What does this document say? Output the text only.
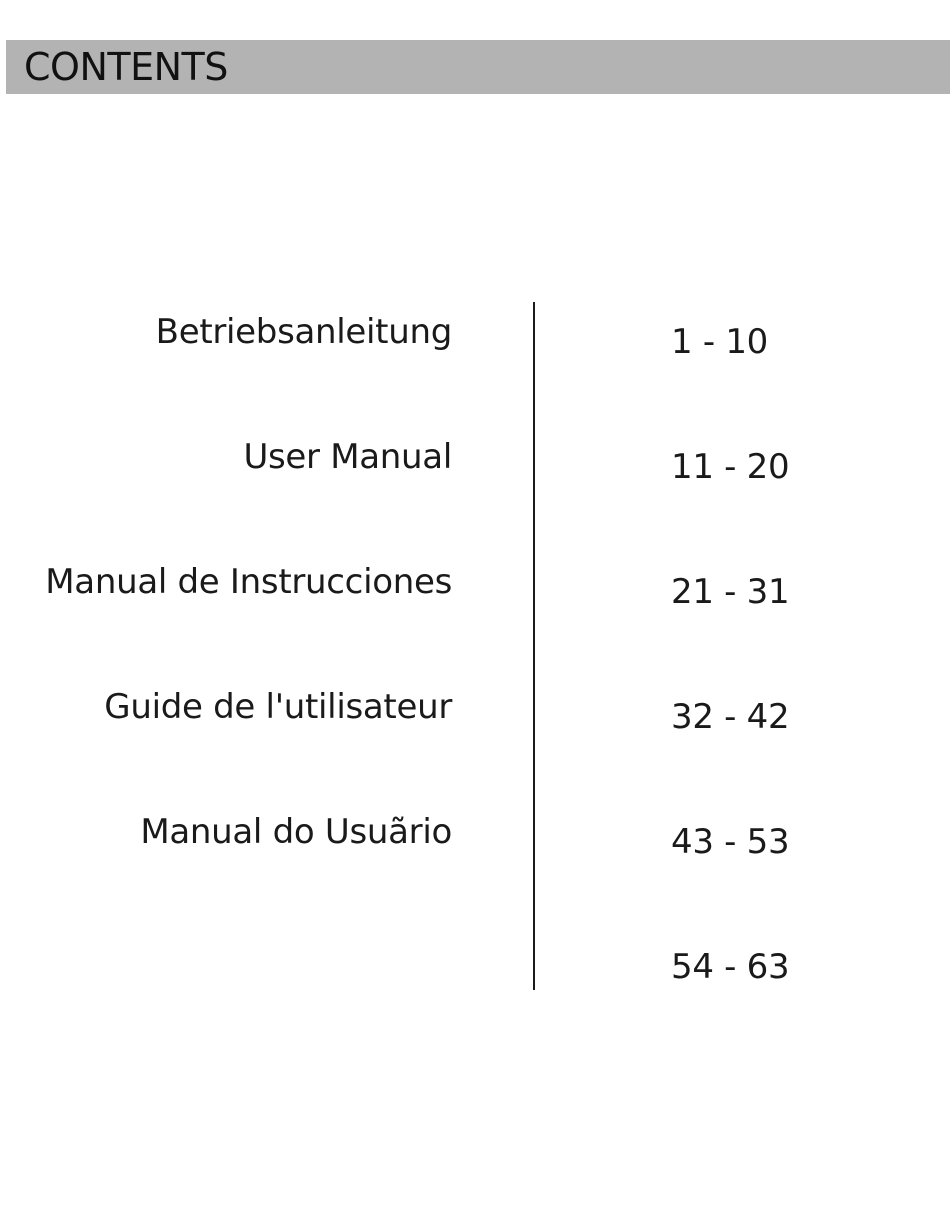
CONTENTS
Betriebsanleitung
User Manual
Manual de Instrucciones
Guide de l'utilisateur
Manual do Usuãrio
1 - 10
11 - 20
21 - 31
32 - 42
43 - 53
54 - 63
